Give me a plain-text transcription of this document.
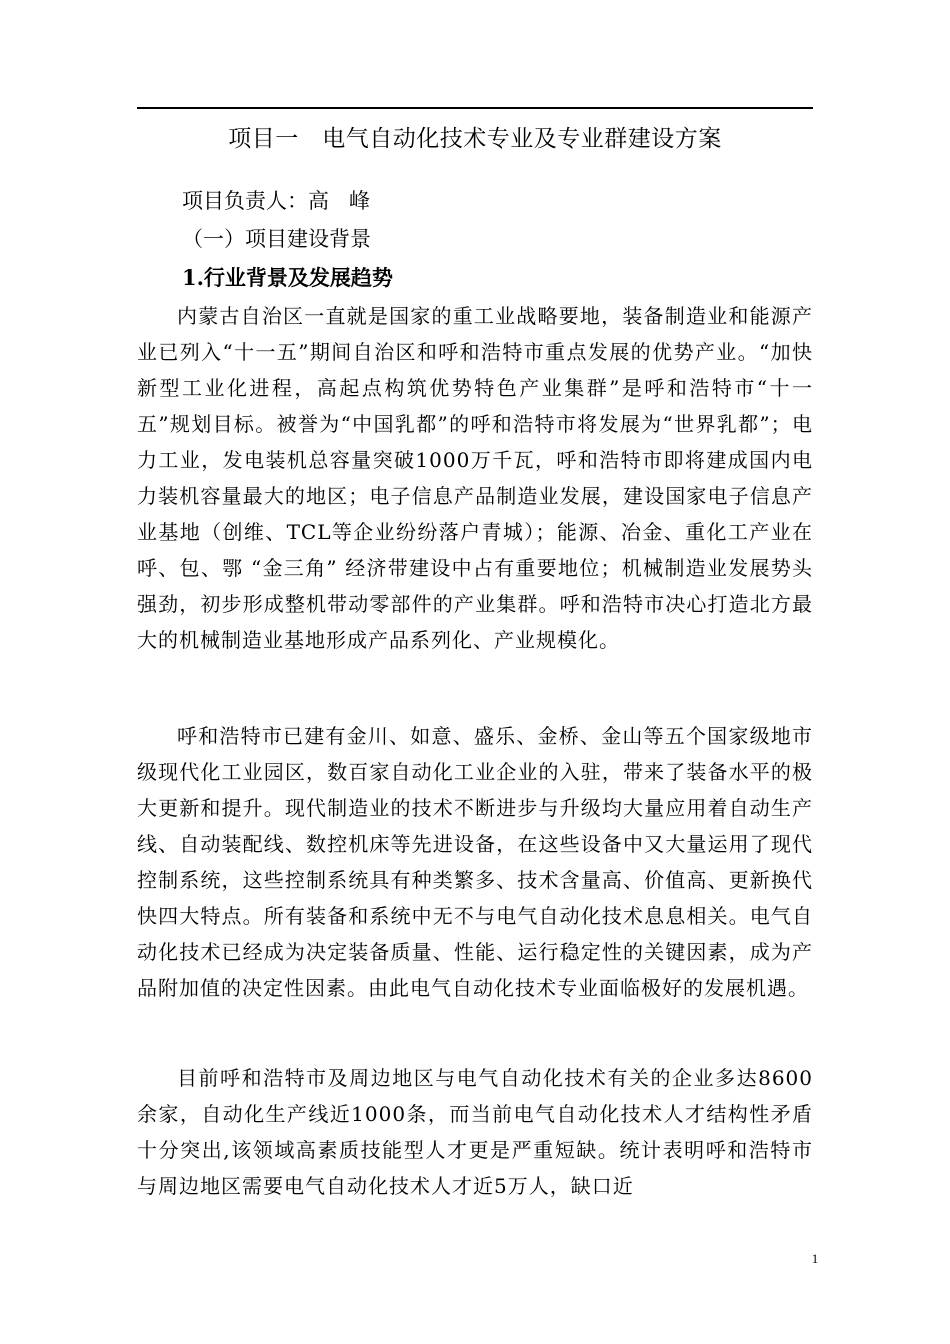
项目一   电气自动化技术专业及专业群建设方案
项目负责人：高   峰
（一）项目建设背景
1.行业背景及发展趋势

内蒙古自治区一直就是国家的重工业战略要地，装备制造业和能源产业已列入“十一五”期间自治区和呼和浩特市重点发展的优势产业。“加快新型工业化进程，高起点构筑优势特色产业集群”是呼和浩特市“十一五”规划目标。被誉为“中国乳都”的呼和浩特市将发展为“世界乳都”；电力工业，发电装机总容量突破1000万千瓦，呼和浩特市即将建成国内电力装机容量最大的地区；电子信息产品制造业发展，建设国家电子信息产业基地（创维、TCL等企业纷纷落户青城）；能源、冶金、重化工产业在呼、包、鄂 “金三角” 经济带建设中占有重要地位；机械制造业发展势头强劲，初步形成整机带动零部件的产业集群。呼和浩特市决心打造北方最大的机械制造业基地形成产品系列化、产业规模化。

呼和浩特市已建有金川、如意、盛乐、金桥、金山等五个国家级地市级现代化工业园区，数百家自动化工业企业的入驻，带来了装备水平的极大更新和提升。现代制造业的技术不断进步与升级均大量应用着自动生产线、自动装配线、数控机床等先进设备，在这些设备中又大量运用了现代控制系统，这些控制系统具有种类繁多、技术含量高、价值高、更新换代快四大特点。所有装备和系统中无不与电气自动化技术息息相关。电气自动化技术已经成为决定装备质量、性能、运行稳定性的关键因素，成为产品附加值的决定性因素。由此电气自动化技术专业面临极好的发展机遇。

目前呼和浩特市及周边地区与电气自动化技术有关的企业多达8600余家，自动化生产线近1000条，而当前电气自动化技术人才结构性矛盾十分突出,该领域高素质技能型人才更是严重短缺。统计表明呼和浩特市与周边地区需要电气自动化技术人才近5万人，缺口近

1
